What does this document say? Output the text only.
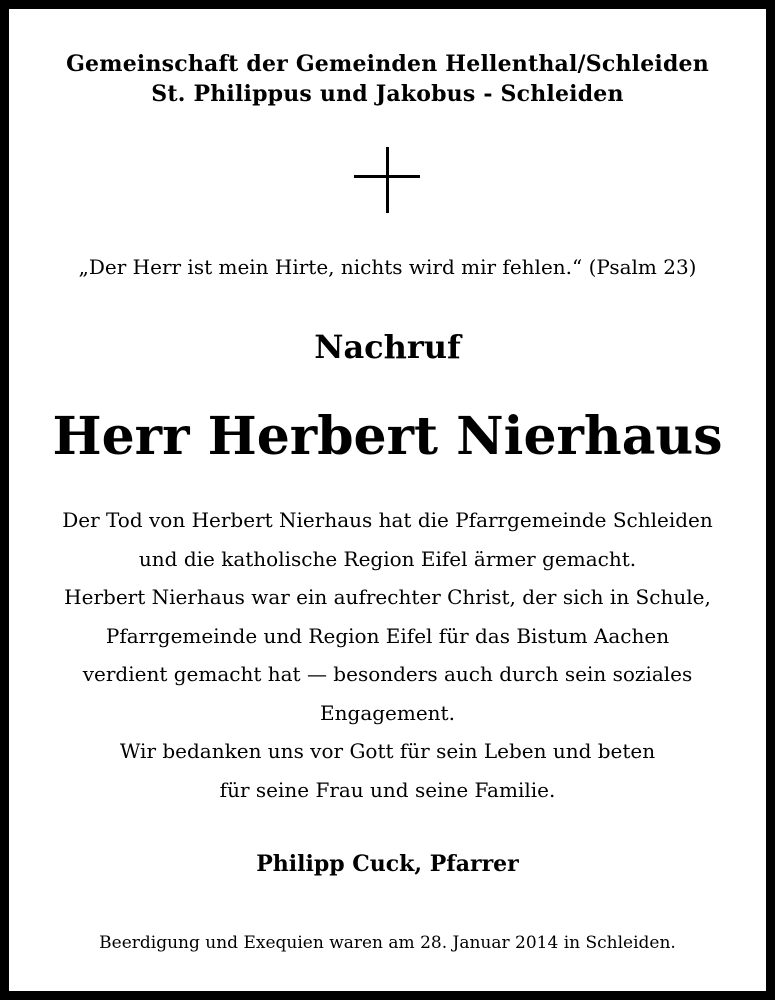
Gemeinschaft der Gemeinden Hellenthal/Schleiden
St. Philippus und Jakobus - Schleiden
„Der Herr ist mein Hirte, nichts wird mir fehlen.“ (Psalm 23)
Nachruf
Herr Herbert Nierhaus
Der Tod von Herbert Nierhaus hat die Pfarrgemeinde Schleiden
und die katholische Region Eifel ärmer gemacht.
Herbert Nierhaus war ein aufrechter Christ, der sich in Schule,
Pfarrgemeinde und Region Eifel für das Bistum Aachen
verdient gemacht hat — besonders auch durch sein soziales
Engagement.
Wir bedanken uns vor Gott für sein Leben und beten
für seine Frau und seine Familie.
Philipp Cuck, Pfarrer
Beerdigung und Exequien waren am 28. Januar 2014 in Schleiden.
